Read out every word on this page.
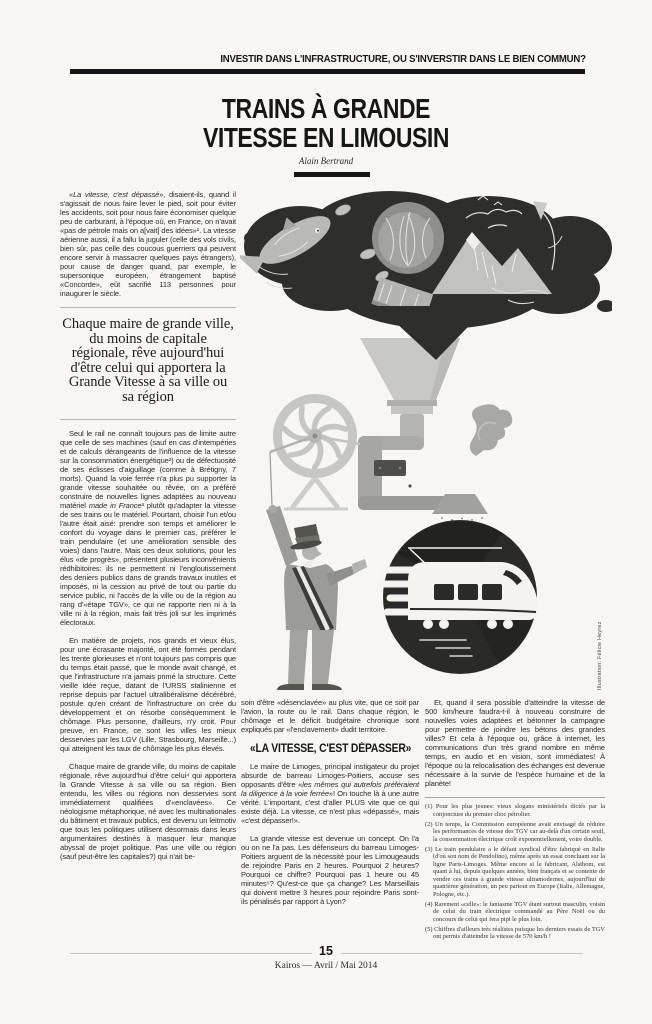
INVESTIR DANS L'INFRASTRUCTURE, OU S'INVERSTIR DANS LE BIEN COMMUN?
TRAINS À GRANDE
VITESSE EN LIMOUSIN
Alain Bertrand

«La vitesse, c'est dépassé», disaient-ils, quand il s'agissait de nous faire lever le pied, soit pour éviter les accidents, soit pour nous faire économiser quelque peu de carburant, à l'époque où, en France, on n'avait «pas de pétrole mais on a[vait] des idées»¹. La vitesse aérienne aussi, il a fallu la juguler (celle des vols civils, bien sûr, pas celle des coucous guerriers qui peuvent encore servir à massacrer quelques pays étrangers), pour cause de danger quand, par exemple, le supersonique européen, étrangement baptisé «Concorde», eût sacrifié 113 personnes pour inaugurer le siècle.

Chaque maire de grande ville, du moins de capitale régionale, rêve aujourd'hui d'être celui qui apportera la Grande Vitesse à sa ville ou sa région

Seul le rail ne connaît toujours pas de limite autre que celle de ses machines (sauf en cas d'intempéries et de calculs dérangeants de l'influence de la vitesse sur la consommation énergétique²) ou de défectuosité de ses éclisses d'aiguillage (comme à Brétigny, 7 morts). Quand la voie ferrée n'a plus pu supporter la grande vitesse souhaitée ou rêvée, on a préféré construire de nouvelles lignes adaptées au nouveau matériel made in France³ plutôt qu'adapter la vitesse de ses trains ou le matériel. Pourtant, choisir l'un et/ou l'autre était aisé: prendre son temps et améliorer le confort du voyage dans le premier cas, préférer le train pendulaire (et une amélioration sensible des voies) dans l'autre. Mais ces deux solutions, pour les élus «de progrès», présentent plusieurs inconvénients rédhibitoires: ils ne permettent ni l'engloutissement des deniers publics dans de grands travaux inutiles et imposés, ni la cession au privé de tout ou partie du service public, ni l'accès de la ville ou de la région au rang d'«étape TGV», ce qui ne rapporte rien ni à la ville ni à la région, mais fait très joli sur les imprimés électoraux.

En matière de projets, nos grands et vieux élus, pour une écrasante majorité, ont été formés pendant les trente glorieuses et n'ont toujours pas compris que du temps était passé, que le monde avait changé, et que l'infrastructure n'a jamais primé la structure. Cette vieille idée reçue, datant de l'URSS stalinienne et reprise depuis par l'actuel ultralibéralisme décérébré, postule qu'en créant de l'infrastructure on crée du développement et on résorbe conséquemment le chômage. Plus personne, d'ailleurs, n'y croit. Pour preuve, en France, ce sont les villes les mieux desservies par les LGV (Lille, Strasbourg, Marseille...) qui atteignent les taux de chômage les plus élevés.

Chaque maire de grande ville, du moins de capitale régionale, rêve aujourd'hui d'être celui⁴ qui apportera la Grande Vitesse à sa ville ou sa région. Bien entendu, les villes ou régions non desservies sont immédiatement qualifiées d'«enclavées». Ce néologisme métaphorique, né avec les multinationales du bâtiment et travaux publics, est devenu un leitmotiv que tous les politiques utilisent désormais dans leurs argumentaires destinés à masquer leur manque abyssal de projet politique. Pas une ville ou région (sauf peut-être les capitales?) qui n'ait be-

Illustration: Félicie Heyrez

soin d'être «désenclavée» au plus vite, que ce soit par l'avion, la route ou le rail. Dans chaque région, le chômage et le déficit budgétaire chronique sont expliqués par «l'enclavement» dudit territoire.

«LA VITESSE, C'EST DÉPASSER»

Le maire de Limoges, principal instigateur du projet absurde de barreau Limoges-Poitiers, accuse ses opposants d'être «les mêmes qui autrefois préféraient la diligence à la voie ferrée»! On touche là à une autre vérité. L'important, c'est d'aller PLUS vite que ce qui existe déjà. La vitesse, ce n'est plus «dépassé», mais «c'est dépasser!».

La grande vitesse est devenue un concept. On l'a ou on ne l'a pas. Les défenseurs du barreau Limoges-Poitiers arguent de la nécessité pour les Limougeauds de rejoindre Paris en 2 heures. Pourquoi 2 heures? Pourquoi ce chiffre? Pourquoi pas 1 heure ou 45 minutes⁵? Qu'est-ce que ça change? Les Marseillais qui doivent mettre 3 heures pour rejoindre Paris sont-ils pénalisés par rapport à Lyon?

Et, quand il sera possible d'atteindre la vitesse de 500 km/heure faudra-t-il à nouveau construire de nouvelles voies adaptées et bétonner la campagne pour permettre de joindre les bétons des grandes villes? Et cela à l'époque ou, grâce à internet, les communications d'un très grand nombre en même temps, en audio et en vision, sont immédiates! À l'époque ou la relocalisation des échanges est devenue nécessaire à la survie de l'espèce humaine et de la planète!

(1) Pour les plus jeunes: vieux slogans ministériels dictés par la conjoncture du premier choc pétrolier.
(2) Un temps, la Commission européenne avait envisagé de réduire les performances de vitesse des TGV car au-delà d'un certain seuil, la consommation électrique croît exponentiellement, voire double.
(3) Le train pendulaire a le défaut syndical d'être fabriqué en Italie (d'où son nom de Pendolino), même après un essai concluant sur la ligne Paris-Limoges. Même encore si le fabricant, Alsthom, est quant à lui, depuis quelques années, bien français et se contente de vendre ces trains à grande vitesse ultramodernes, aujourd'hui de quatrième génération, un peu partout en Europe (Italie, Allemagne, Pologne, etc.).
(4) Rarement «celle»: le fantasme TGV étant surtout masculin, voisin de celui du train électrique commandé au Père Noël ou du concours de celui qui fera pipi le plus loin.
(5) Chiffres d'ailleurs très réalistes puisque les derniers essais de TGV ont permis d'atteindre la vitesse de 570 km/h !
15
Kairos — Avril / Mai 2014
